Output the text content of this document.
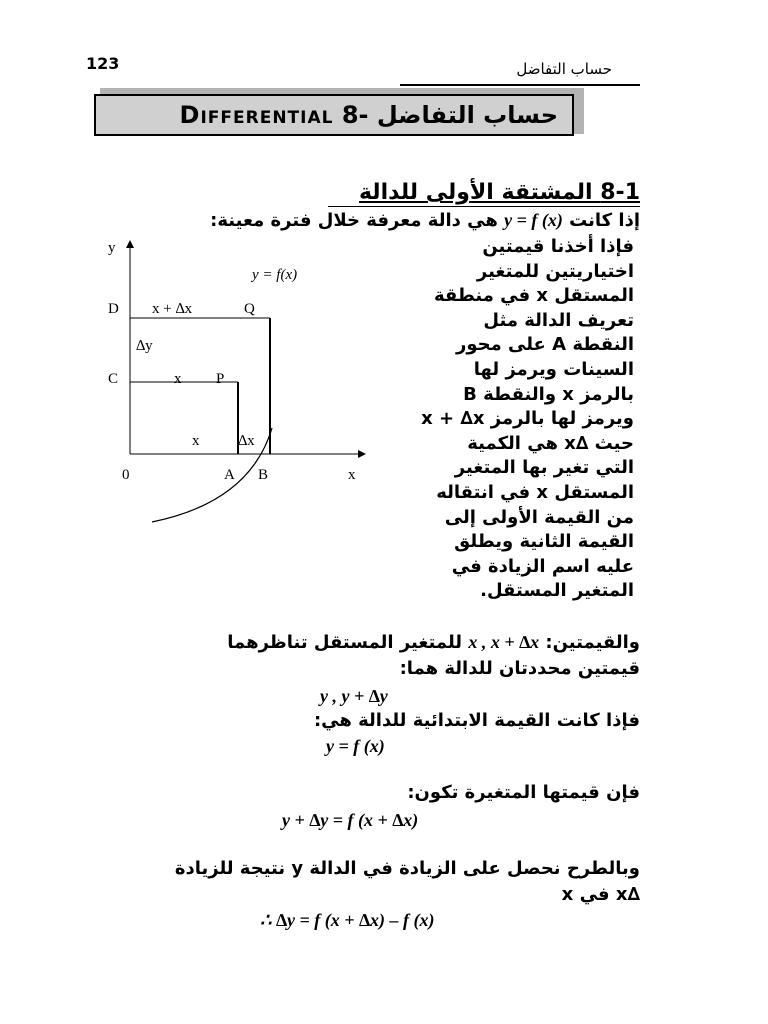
123	حساب التفاضل
Differential حساب التفاضل -8
8-1 المشتقة الأولى للدالة
إذا كانت y = f (x) هي دالة معرفة خلال فترة معينة:
فإذا أخذنا قيمتين
اختياريتين للمتغير
المستقل x في منطقة
تعريف الدالة مثل
النقطة A على محور
السينات ويرمز لها
بالرمز x والنقطة B
ويرمز لها بالرمز x + ∆x
حيث ∆x هي الكمية
التي تغير بها المتغير
المستقل x في انتقاله
من القيمة الأولى إلى
القيمة الثانية ويطلق
عليه اسم الزيادة في
المتغير المستقل.
y
x
0
y = f(x)
D
C
Q
P
A B
x + ∆x
x
∆y
x	∆x
والقيمتين: x , x + ∆x للمتغير المستقل تناظرهما
قيمتين محددتان للدالة هما:
y , y + ∆y
فإذا كانت القيمة الابتدائية للدالة هي:
y = f (x)
فإن قيمتها المتغيرة تكون:
y + ∆y = f (x + ∆x)
وبالطرح نحصل على الزيادة في الدالة y نتيجة للزيادة
∆x في x
∴ ∆y = f (x + ∆x) – f (x)
